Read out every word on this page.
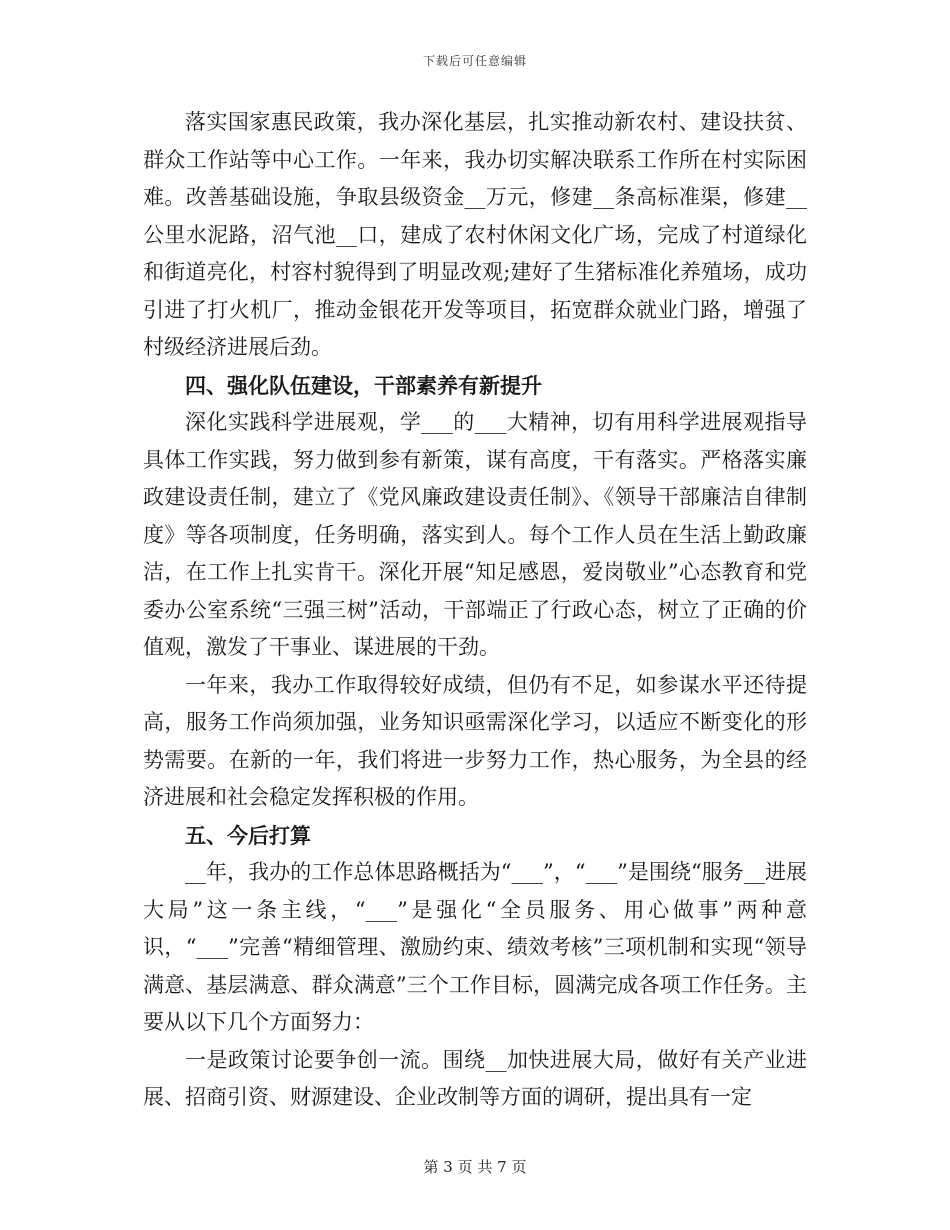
下载后可任意编辑

落实国家惠民政策，我办深化基层，扎实推动新农村、建设扶贫、群众工作站等中心工作。一年来，我办切实解决联系工作所在村实际困难。改善基础设施，争取县级资金__万元，修建__条高标准渠，修建__公里水泥路，沼气池__口，建成了农村休闲文化广场，完成了村道绿化和街道亮化，村容村貌得到了明显改观;建好了生猪标准化养殖场，成功引进了打火机厂，推动金银花开发等项目，拓宽群众就业门路，增强了村级经济进展后劲。

四、强化队伍建设，干部素养有新提升

深化实践科学进展观，学___的___大精神，切有用科学进展观指导具体工作实践，努力做到参有新策，谋有高度，干有落实。严格落实廉政建设责任制，建立了《党风廉政建设责任制》、《领导干部廉洁自律制度》等各项制度，任务明确，落实到人。每个工作人员在生活上勤政廉洁，在工作上扎实肯干。深化开展“知足感恩，爱岗敬业”心态教育和党委办公室系统“三强三树”活动，干部端正了行政心态，树立了正确的价值观，激发了干事业、谋进展的干劲。

一年来，我办工作取得较好成绩，但仍有不足，如参谋水平还待提高，服务工作尚须加强，业务知识亟需深化学习，以适应不断变化的形势需要。在新的一年，我们将进一步努力工作，热心服务，为全县的经济进展和社会稳定发挥积极的作用。

五、今后打算

__年，我办的工作总体思路概括为“___”，“___”是围绕“服务__进展大局”这一条主线，“___”是强化“全员服务、用心做事”两种意识，“___”完善“精细管理、激励约束、绩效考核”三项机制和实现“领导满意、基层满意、群众满意”三个工作目标，圆满完成各项工作任务。主要从以下几个方面努力：

一是政策讨论要争创一流。围绕__加快进展大局，做好有关产业进展、招商引资、财源建设、企业改制等方面的调研，提出具有一定

第 3 页 共 7 页
